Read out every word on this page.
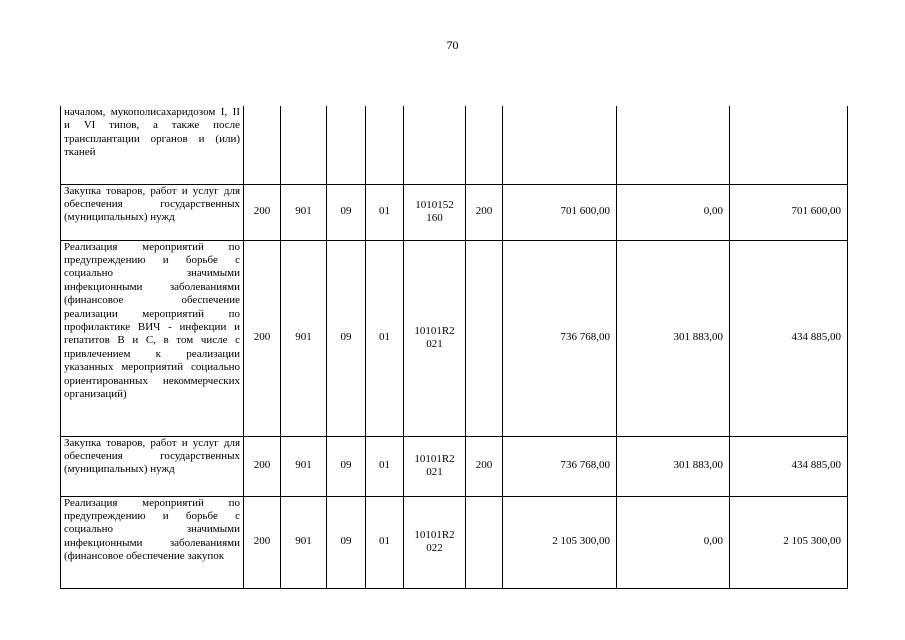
70
началом, мукополисахаридозом I, II и VI типов, а также после трансплантации органов и (или) тканей									
Закупка товаров, работ и услуг для обеспечения государственных (муниципальных) нужд	200	901	09	01	1010152 160	200	701 600,00	0,00	701 600,00
Реализация мероприятий по предупреждению и борьбе с социально значимыми инфекционными заболеваниями (финансовое обеспечение реализации мероприятий по профилактике ВИЧ - инфекции и гепатитов В и С, в том числе с привлечением к реализации указанных мероприятий социально ориентированных некоммерческих организаций)	200	901	09	01	10101R2 021		736 768,00	301 883,00	434 885,00
Закупка товаров, работ и услуг для обеспечения государственных (муниципальных) нужд	200	901	09	01	10101R2 021	200	736 768,00	301 883,00	434 885,00
Реализация мероприятий по предупреждению и борьбе с социально значимыми инфекционными заболеваниями (финансовое обеспечение закупок	200	901	09	01	10101R2 022		2 105 300,00	0,00	2 105 300,00
